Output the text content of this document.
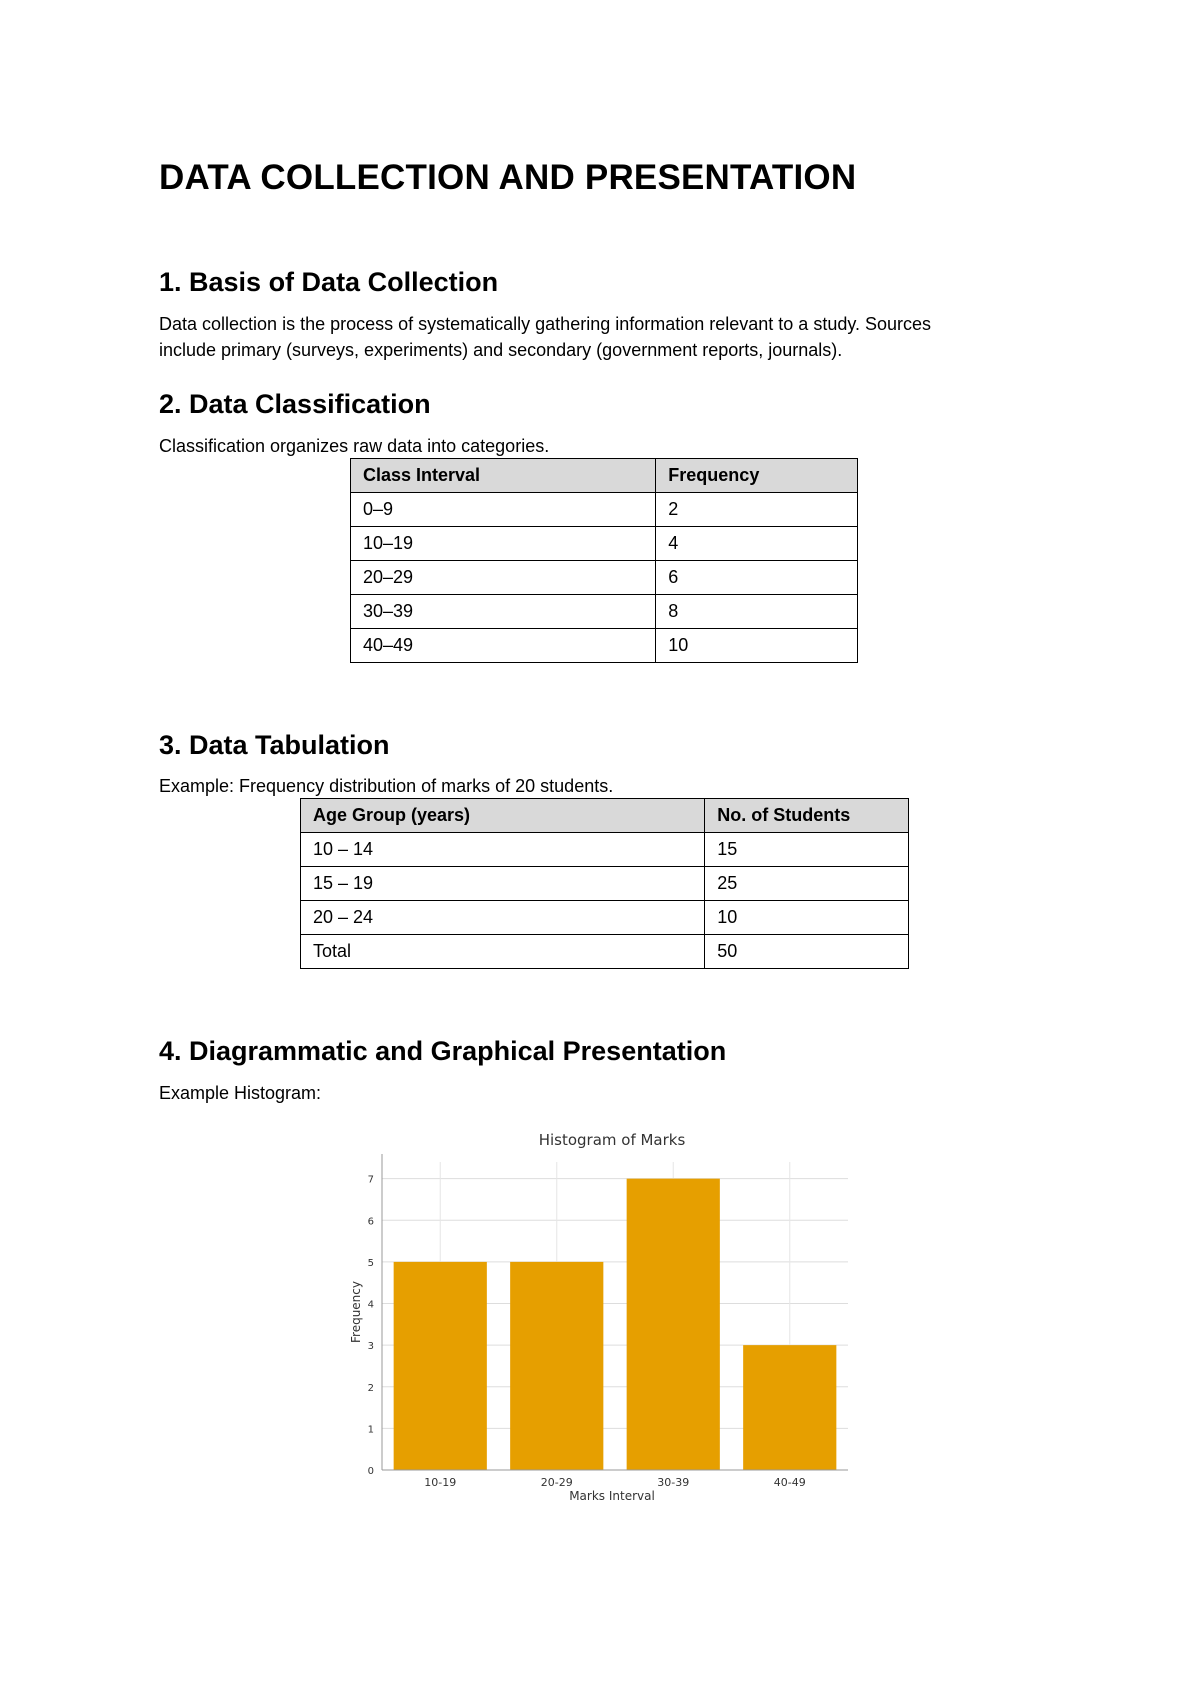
DATA COLLECTION AND PRESENTATION
1. Basis of Data Collection

Data collection is the process of systematically gathering information relevant to a study. Sources
include primary (surveys, experiments) and secondary (government reports, journals).

2. Data Classification

Classification organizes raw data into categories.

Class Interval	Frequency
0–9	2
10–19	4
20–29	6
30–39	8
40–49	10
3. Data Tabulation

Example: Frequency distribution of marks of 20 students.

Age Group (years)	No. of Students
10 – 14	15
15 – 19	25
20 – 24	10
Total	50
4. Diagrammatic and Graphical Presentation

Example Histogram:

0
1
2
3
4
5
6
7
10-19	20-29	30-39	40-49
Histogram of Marks
Marks Interval
Frequency
